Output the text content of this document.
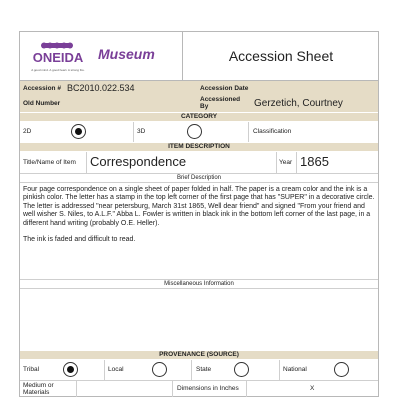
ONEIDA
A good mind. A good heart. A strong fire.
Museum	Accession Sheet
Accession # BC2010.022.534	Accession Date
Old Number
Accessioned By	Gerzetich, Courtney
CATEGORY
2D	3D	Classification
ITEM DESCRIPTION
Title/Name of Item Correspondence	Year 1865
Brief Description

Four page correspondence on a single sheet of paper folded in half. The paper is a cream color and the ink is a pinkish color. The letter has a stamp in the top left corner of the first page that has "SUPER" in a decorative circle. The letter is addressed "near petersburg, March 31st 1865, Well dear friend" and signed "From your friend and well wisher S. Niles, to A.L.F." Abba L. Fowler is written in black ink in the bottom left corner of the last page, in a different hand writing (probably O.E. Heller).

The ink is faded and difficult to read.

Miscellaneous Information
PROVENANCE (SOURCE)
Tribal	Local	State	National
Medium or Materials
Dimensions in Inches	X
